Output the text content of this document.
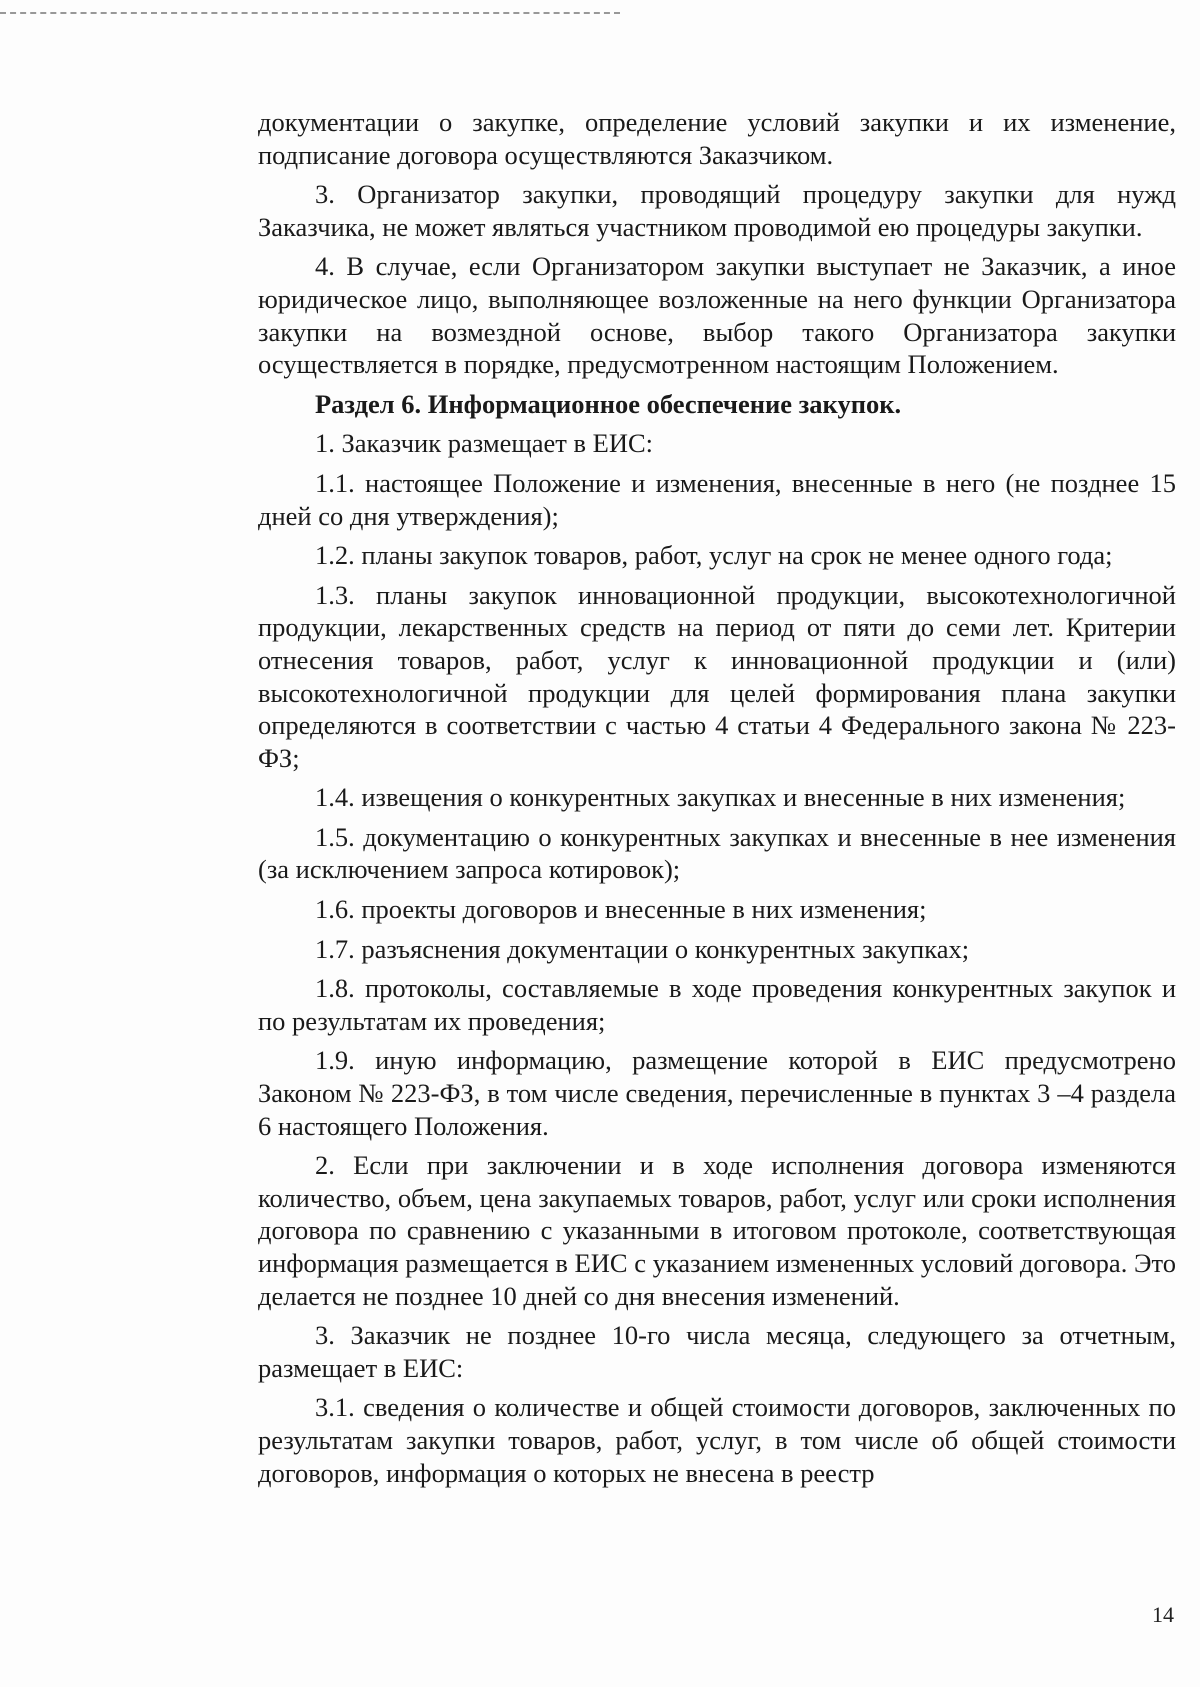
документации о закупке, определение условий закупки и их изменение, подписание договора осуществляются Заказчиком.

3. Организатор закупки, проводящий процедуру закупки для нужд Заказчика, не может являться участником проводимой ею процедуры закупки.

4. В случае, если Организатором закупки выступает не Заказчик, а иное юридическое лицо, выполняющее возложенные на него функции Организатора закупки на возмездной основе, выбор такого Организатора закупки осуществляется в порядке, предусмотренном настоящим Положением.

Раздел 6. Информационное обеспечение закупок.

1. Заказчик размещает в ЕИС:

1.1. настоящее Положение и изменения, внесенные в него (не позднее 15 дней со дня утверждения);

1.2. планы закупок товаров, работ, услуг на срок не менее одного года;

1.3. планы закупок инновационной продукции, высокотехнологичной продукции, лекарственных средств на период от пяти до семи лет. Критерии отнесения товаров, работ, услуг к инновационной продукции и (или) высокотехнологичной продукции для целей формирования плана закупки определяются в соответствии с частью 4 статьи 4 Федерального закона № 223-ФЗ;

1.4. извещения о конкурентных закупках и внесенные в них изменения;

1.5. документацию о конкурентных закупках и внесенные в нее изменения (за исключением запроса котировок);

1.6. проекты договоров и внесенные в них изменения;

1.7. разъяснения документации о конкурентных закупках;

1.8. протоколы, составляемые в ходе проведения конкурентных закупок и по результатам их проведения;

1.9. иную информацию, размещение которой в ЕИС предусмотрено Законом № 223-ФЗ, в том числе сведения, перечисленные в пунктах 3 –4 раздела 6 настоящего Положения.

2. Если при заключении и в ходе исполнения договора изменяются количество, объем, цена закупаемых товаров, работ, услуг или сроки исполнения договора по сравнению с указанными в итоговом протоколе, соответствующая информация размещается в ЕИС с указанием измененных условий договора. Это делается не позднее 10 дней со дня внесения изменений.

3. Заказчик не позднее 10-го числа месяца, следующего за отчетным, размещает в ЕИС:

3.1. сведения о количестве и общей стоимости договоров, заключенных по результатам закупки товаров, работ, услуг, в том числе об общей стоимости договоров, информация о которых не внесена в реестр

14
